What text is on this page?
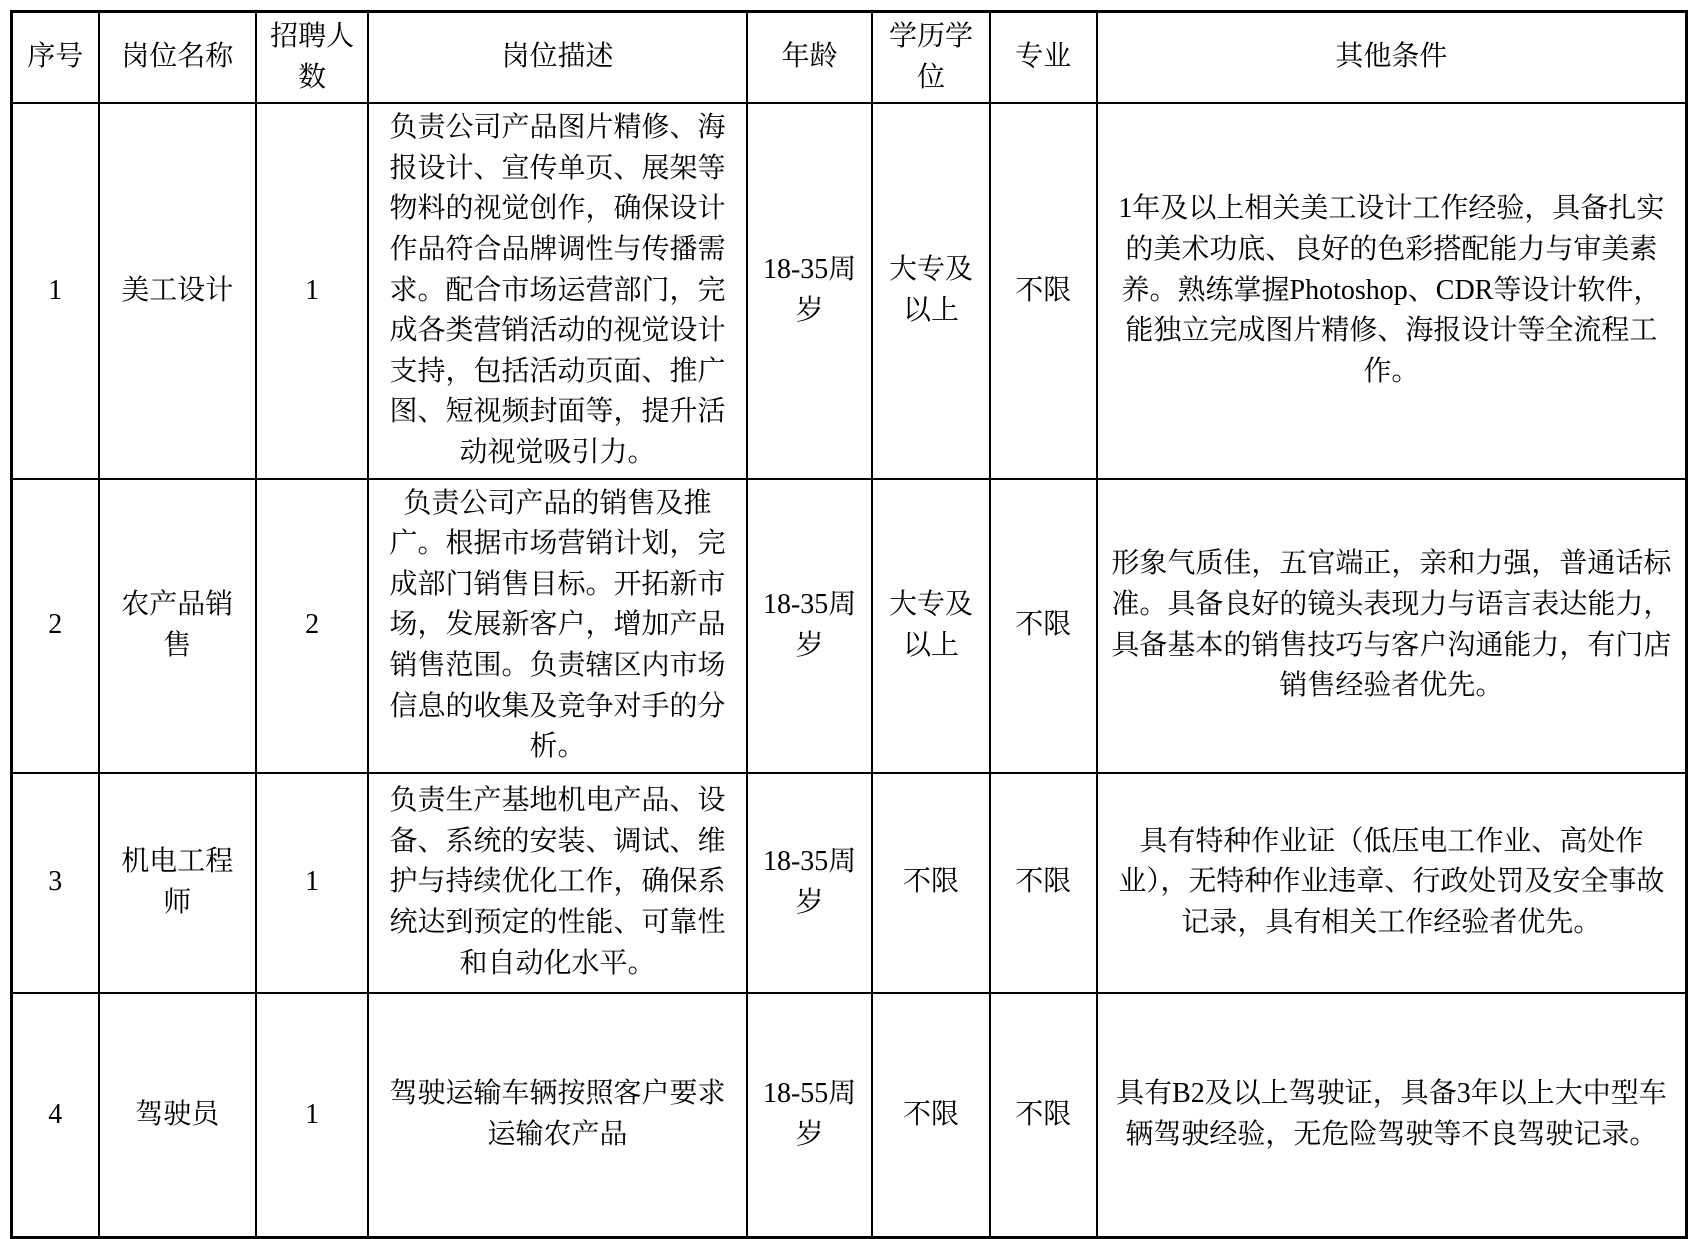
序号	岗位名称	招聘人数	岗位描述	年龄	学历学位	专业	其他条件
1	美工设计	1	负责公司产品图片精修、海报设计、宣传单页、展架等物料的视觉创作，确保设计作品符合品牌调性与传播需求。配合市场运营部门，完成各类营销活动的视觉设计支持，包括活动页面、推广图、短视频封面等，提升活动视觉吸引力。	18-35周岁	大专及以上	不限	1年及以上相关美工设计工作经验，具备扎实的美术功底、良好的色彩搭配能力与审美素养。熟练掌握Photoshop、CDR等设计软件，能独立完成图片精修、海报设计等全流程工作。
2	农产品销售	2	负责公司产品的销售及推广。根据市场营销计划，完成部门销售目标。开拓新市场，发展新客户，增加产品销售范围。负责辖区内市场信息的收集及竞争对手的分析。	18-35周岁	大专及以上	不限	形象气质佳，五官端正，亲和力强，普通话标准。具备良好的镜头表现力与语言表达能力，具备基本的销售技巧与客户沟通能力，有门店销售经验者优先。
3	机电工程师	1	负责生产基地机电产品、设备、系统的安装、调试、维护与持续优化工作，确保系统达到预定的性能、可靠性和自动化水平。	18-35周岁	不限	不限	具有特种作业证（低压电工作业、高处作业），无特种作业违章、行政处罚及安全事故记录，具有相关工作经验者优先。
4	驾驶员	1	驾驶运输车辆按照客户要求运输农产品	18-55周岁	不限	不限	具有B2及以上驾驶证，具备3年以上大中型车辆驾驶经验，无危险驾驶等不良驾驶记录。
